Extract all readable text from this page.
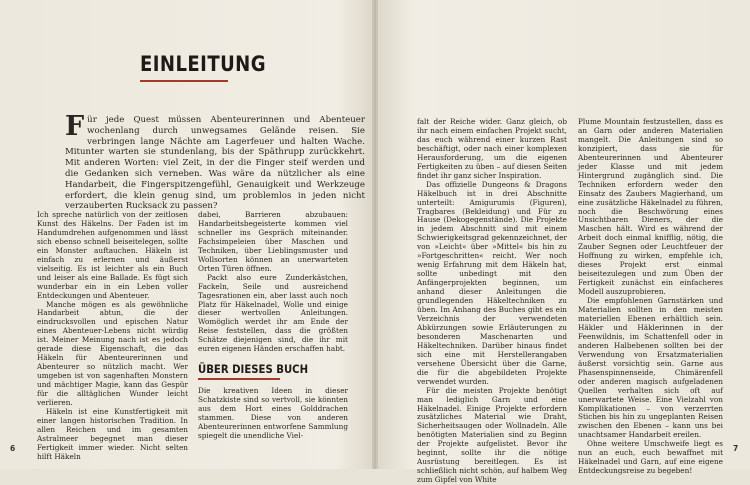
EINLEITUNG

Für jede Quest müssen Abenteurerinnen und Abenteuer wochenlang durch unwegsames Gelände reisen. Sie verbringen lange Nächte am Lagerfeuer und halten Wache. Mitunter warten sie stundenlang, bis der Späthrupp zurückkehrt. Mit anderen Worten: viel Zeit, in der die Finger steif werden und die Gedanken sich verneben. Was wäre da nützlicher als eine Handarbeit, die Fingerspitzengefühl, Genauigkeit und Werkzeuge erfordert, die klein genug sind, um problemlos in jeden nicht verzauberten Rucksack zu passen?

Ich spreche natürlich von der zeitlosen Kunst des Häkelns. Der Faden ist im Handumdrehen aufgenommen und lässt sich ebenso schnell beiseitelegen, sollte ein Monster auftauchen. Häkeln ist einfach zu erlernen und äußerst vielseitig. Es ist leichter als ein Buch und leiser als eine Ballade. Es fügt sich wunderbar ein in ein Leben voller Entdeckungen und Abenteuer.

Manche mögen es als gewöhnliche Handarbeit abtun, die der eindrucksvollen und epischen Natur eines Abenteuer-Lebens nicht würdig ist. Meiner Meinung nach ist es jedoch gerade diese Eigenschaft, die das Häkeln für Abenteurerinnen und Abenteurer so nützlich macht. Wer umgeben ist von sagenhaften Monstern und mächtiger Magie, kann das Gespür für die alltäglichen Wunder leicht verlieren.

Häkeln ist eine Kunstfertigkeit mit einer langen historischen Tradition. In allen Reichen und im gesamten Astralmeer begegnet man dieser Fertigkeit immer wieder. Nicht selten hilft Häkeln

dabei, Barrieren abzubauen: Handarbeitsbegeisterte kommen viel schneller ins Gespräch miteinander. Fachsimpeleien über Maschen und Techniken, über Lieblingsmuster und Wollsorten können an unerwarteten Orten Türen öffnen.

Packt also eure Zunderkästchen, Fackeln, Seile und ausreichend Tagesrationen ein, aber lasst auch noch Platz für Häkelnadel, Wolle und einige dieser wertvollen Anleitungen. Womöglich werdet ihr am Ende der Reise feststellen, dass die größten Schätze diejenigen sind, die ihr mit euren eigenen Händen erschaffen habt.

ÜBER DIESES BUCH

Die kreativen Ideen in dieser Schatzkiste sind so vertvoll, sie könnten aus dem Hort eines Golddrachen stammen. Diese von anderen Abenteurerinnen entworfene Sammlung spiegelt die unendliche Viel-

6

falt der Reiche wider. Ganz gleich, ob ihr nach einem einfachen Projekt sucht, das euch während einer kurzen Rast beschäftigt, oder nach einer komplexen Herausforderung, um die eigenen Fertigkeiten zu üben – auf diesen Seiten findet ihr ganz sicher Inspiration.

Das offizielle Dungeons & Dragons Häkelbuch ist in drei Abschnitte unterteilt: Amigurumis (Figuren), Tragbares (Bekleidung) und Für zu Hause (Dekogegenstände). Die Projekte in jedem Abschnitt sind mit einem Schwierigkeitsgrad gekennzeichnet, der von »Leicht« über »Mittel« bis hin zu »Fortgeschritten« reicht. Wer noch wenig Erfahrung mit dem Häkeln hat, sollte unbedingt mit den Anfängerprojekten beginnen, um anhand dieser Anleitungen die grundlegenden Häkeltechniken zu üben. Im Anhang des Buches gibt es ein Verzeichnis der verwendeten Abkürzungen sowie Erläuterungen zu besonderen Maschenarten und Häkeltechniken. Darüber hinaus findet sich eine mit Herstellerangaben versehene Übersicht über die Garne, die für die abgebildeten Projekte verwendet wurden.

Für die meisten Projekte benötigt man lediglich Garn und eine Häkelnadel. Einige Projekte erfordern zusätzliches Material wie Draht, Sicherheitsaugen oder Wollnadeln. Alle benötigten Materialien sind zu Beginn der Projekte aufgelistet. Bevor ihr beginnt, sollte ihr die nötige Ausrüstung bereitlegen. Es ist schließlich nicht schön, auf halbem Weg zum Gipfel von White

Plume Mountain festzustellen, dass es an Garn oder anderen Materialien mangelt. Die Anleitungen sind so konzipiert, dass sie für Abenteurerinnen und Abenteurer jeder Klasse und mit jedem Hintergrund zugänglich sind. Die Techniken erfordern weder den Einsatz des Zaubers Magierhand, um eine zusätzliche Häkelnadel zu führen, noch die Beschwörung eines Unsichtbaren Dieners, der die Maschen hält. Wird es während der Arbeit doch einmal knifflig, nötig, die Zauber Segnen oder Leuchtfeuer der Hoffnung zu wirken, empfehle ich, dieses Projekt erst einmal beiseitezulegen und zum Üben der Fertigkeit zunächst ein einfacheres Modell auszuprobieren.

Die empfohlenen Garnstärken und Materialien sollten in den meisten materiellen Ebenen erhältlich sein. Häkler und Häklerinnen in der Feenwildnis, im Schattenfell oder in anderen Halbebenen sollten bei der Verwendung von Ersatzmaterialien äußerst vorsichtig sein. Garne aus Phasenspinnenseide, Chimärenfell oder anderen magisch aufgeladenen Quellen verhalten sich oft auf unerwartete Weise. Eine Vielzahl von Komplikationen – von verzerrten Stichen bis hin zu ungeplanten Reisen zwischen den Ebenen – kann uns bei unachtsamer Handarbeit ereilen.

Ohne weitere Umschweife liegt es nun an euch, euch bewaffnet mit Häkelnadel und Garn, auf eine eigene Entdeckungsreise zu begeben!

7
